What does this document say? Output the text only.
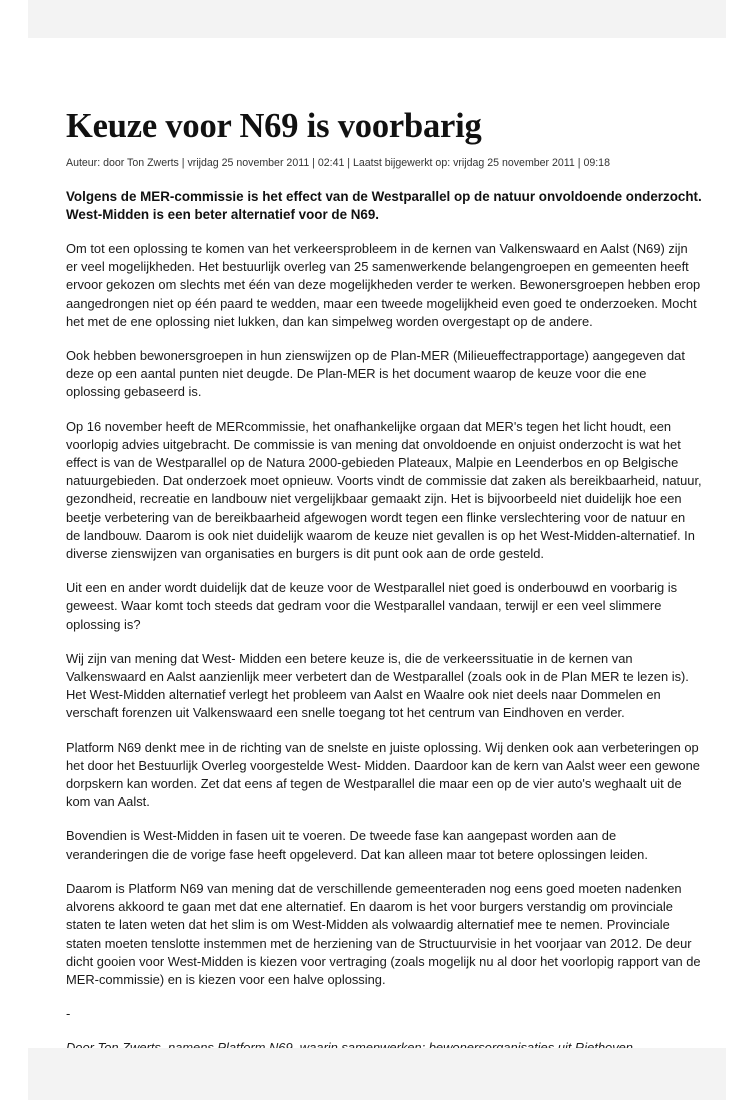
Keuze voor N69 is voorbarig
Auteur: door Ton Zwerts | vrijdag 25 november 2011 | 02:41 | Laatst bijgewerkt op: vrijdag 25 november 2011 | 09:18
Volgens de MER-commissie is het effect van de Westparallel op de natuur onvoldoende onderzocht. West-Midden is een beter alternatief voor de N69.

Om tot een oplossing te komen van het verkeersprobleem in de kernen van Valkenswaard en Aalst (N69) zijn er veel mogelijkheden. Het bestuurlijk overleg van 25 samenwerkende belangengroepen en gemeenten heeft ervoor gekozen om slechts met één van deze mogelijkheden verder te werken. Bewonersgroepen hebben erop aangedrongen niet op één paard te wedden, maar een tweede mogelijkheid even goed te onderzoeken. Mocht het met de ene oplossing niet lukken, dan kan simpelweg worden overgestapt op de andere.

Ook hebben bewonersgroepen in hun zienswijzen op de Plan-MER (Milieueffectrapportage) aangegeven dat deze op een aantal punten niet deugde. De Plan-MER is het document waarop de keuze voor die ene oplossing gebaseerd is.

Op 16 november heeft de MERcommissie, het onafhankelijke orgaan dat MER's tegen het licht houdt, een voorlopig advies uitgebracht. De commissie is van mening dat onvoldoende en onjuist onderzocht is wat het effect is van de Westparallel op de Natura 2000-gebieden Plateaux, Malpie en Leenderbos en op Belgische natuurgebieden. Dat onderzoek moet opnieuw. Voorts vindt de commissie dat zaken als bereikbaarheid, natuur, gezondheid, recreatie en landbouw niet vergelijkbaar gemaakt zijn. Het is bijvoorbeeld niet duidelijk hoe een beetje verbetering van de bereikbaarheid afgewogen wordt tegen een flinke verslechtering voor de natuur en de landbouw. Daarom is ook niet duidelijk waarom de keuze niet gevallen is op het West-Midden-alternatief. In diverse zienswijzen van organisaties en burgers is dit punt ook aan de orde gesteld.

Uit een en ander wordt duidelijk dat de keuze voor de Westparallel niet goed is onderbouwd en voorbarig is geweest. Waar komt toch steeds dat gedram voor die Westparallel vandaan, terwijl er een veel slimmere oplossing is?

Wij zijn van mening dat West- Midden een betere keuze is, die de verkeerssituatie in de kernen van Valkenswaard en Aalst aanzienlijk meer verbetert dan de Westparallel (zoals ook in de Plan MER te lezen is). Het West-Midden alternatief verlegt het probleem van Aalst en Waalre ook niet deels naar Dommelen en verschaft forenzen uit Valkenswaard een snelle toegang tot het centrum van Eindhoven en verder.

Platform N69 denkt mee in de richting van de snelste en juiste oplossing. Wij denken ook aan verbeteringen op het door het Bestuurlijk Overleg voorgestelde West- Midden. Daardoor kan de kern van Aalst weer een gewone dorpskern kan worden. Zet dat eens af tegen de Westparallel die maar een op de vier auto's weghaalt uit de kom van Aalst.

Bovendien is West-Midden in fasen uit te voeren. De tweede fase kan aangepast worden aan de veranderingen die de vorige fase heeft opgeleverd. Dat kan alleen maar tot betere oplossingen leiden.

Daarom is Platform N69 van mening dat de verschillende gemeenteraden nog eens goed moeten nadenken alvorens akkoord te gaan met dat ene alternatief. En daarom is het voor burgers verstandig om provinciale staten te laten weten dat het slim is om West-Midden als volwaardig alternatief mee te nemen. Provinciale staten moeten tenslotte instemmen met de herziening van de Structuurvisie in het voorjaar van 2012. De deur dicht gooien voor West-Midden is kiezen voor vertraging (zoals mogelijk nu al door het voorlopig rapport van de MER-commissie) en is kiezen voor een halve oplossing.

-
